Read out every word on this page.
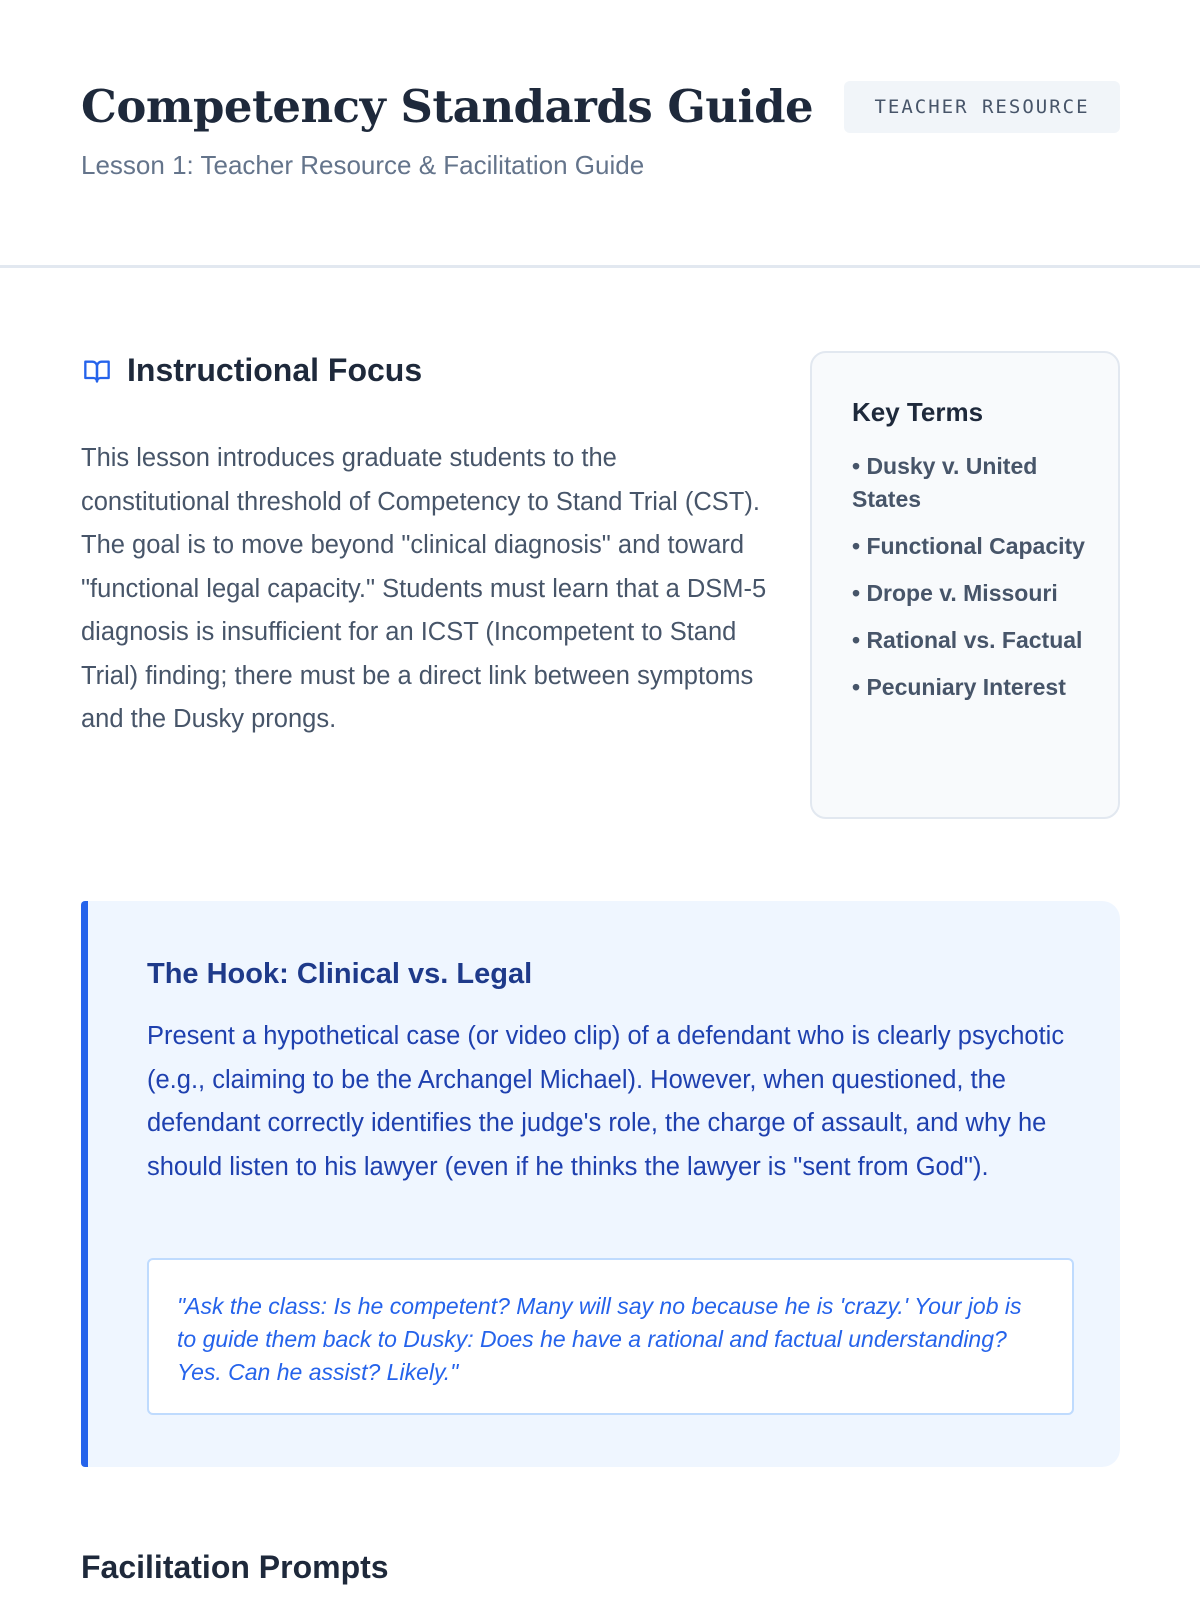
Competency Standards Guide

Lesson 1: Teacher Resource & Facilitation Guide

TEACHER RESOURCE
Instructional Focus

This lesson introduces graduate students to the constitutional threshold of Competency to Stand Trial (CST). The goal is to move beyond "clinical diagnosis" and toward "functional legal capacity." Students must learn that a DSM-5 diagnosis is insufficient for an ICST (Incompetent to Stand Trial) finding; there must be a direct link between symptoms and the Dusky prongs.

Key Terms
• Dusky v. United States
• Functional Capacity
• Drope v. Missouri
• Rational vs. Factual
• Pecuniary Interest
The Hook: Clinical vs. Legal

Present a hypothetical case (or video clip) of a defendant who is clearly psychotic (e.g., claiming to be the Archangel Michael). However, when questioned, the defendant correctly identifies the judge's role, the charge of assault, and why he should listen to his lawyer (even if he thinks the lawyer is "sent from God").

"Ask the class: Is he competent? Many will say no because he is 'crazy.' Your job is to guide them back to Dusky: Does he have a rational and factual understanding? Yes. Can he assist? Likely."

Facilitation Prompts
